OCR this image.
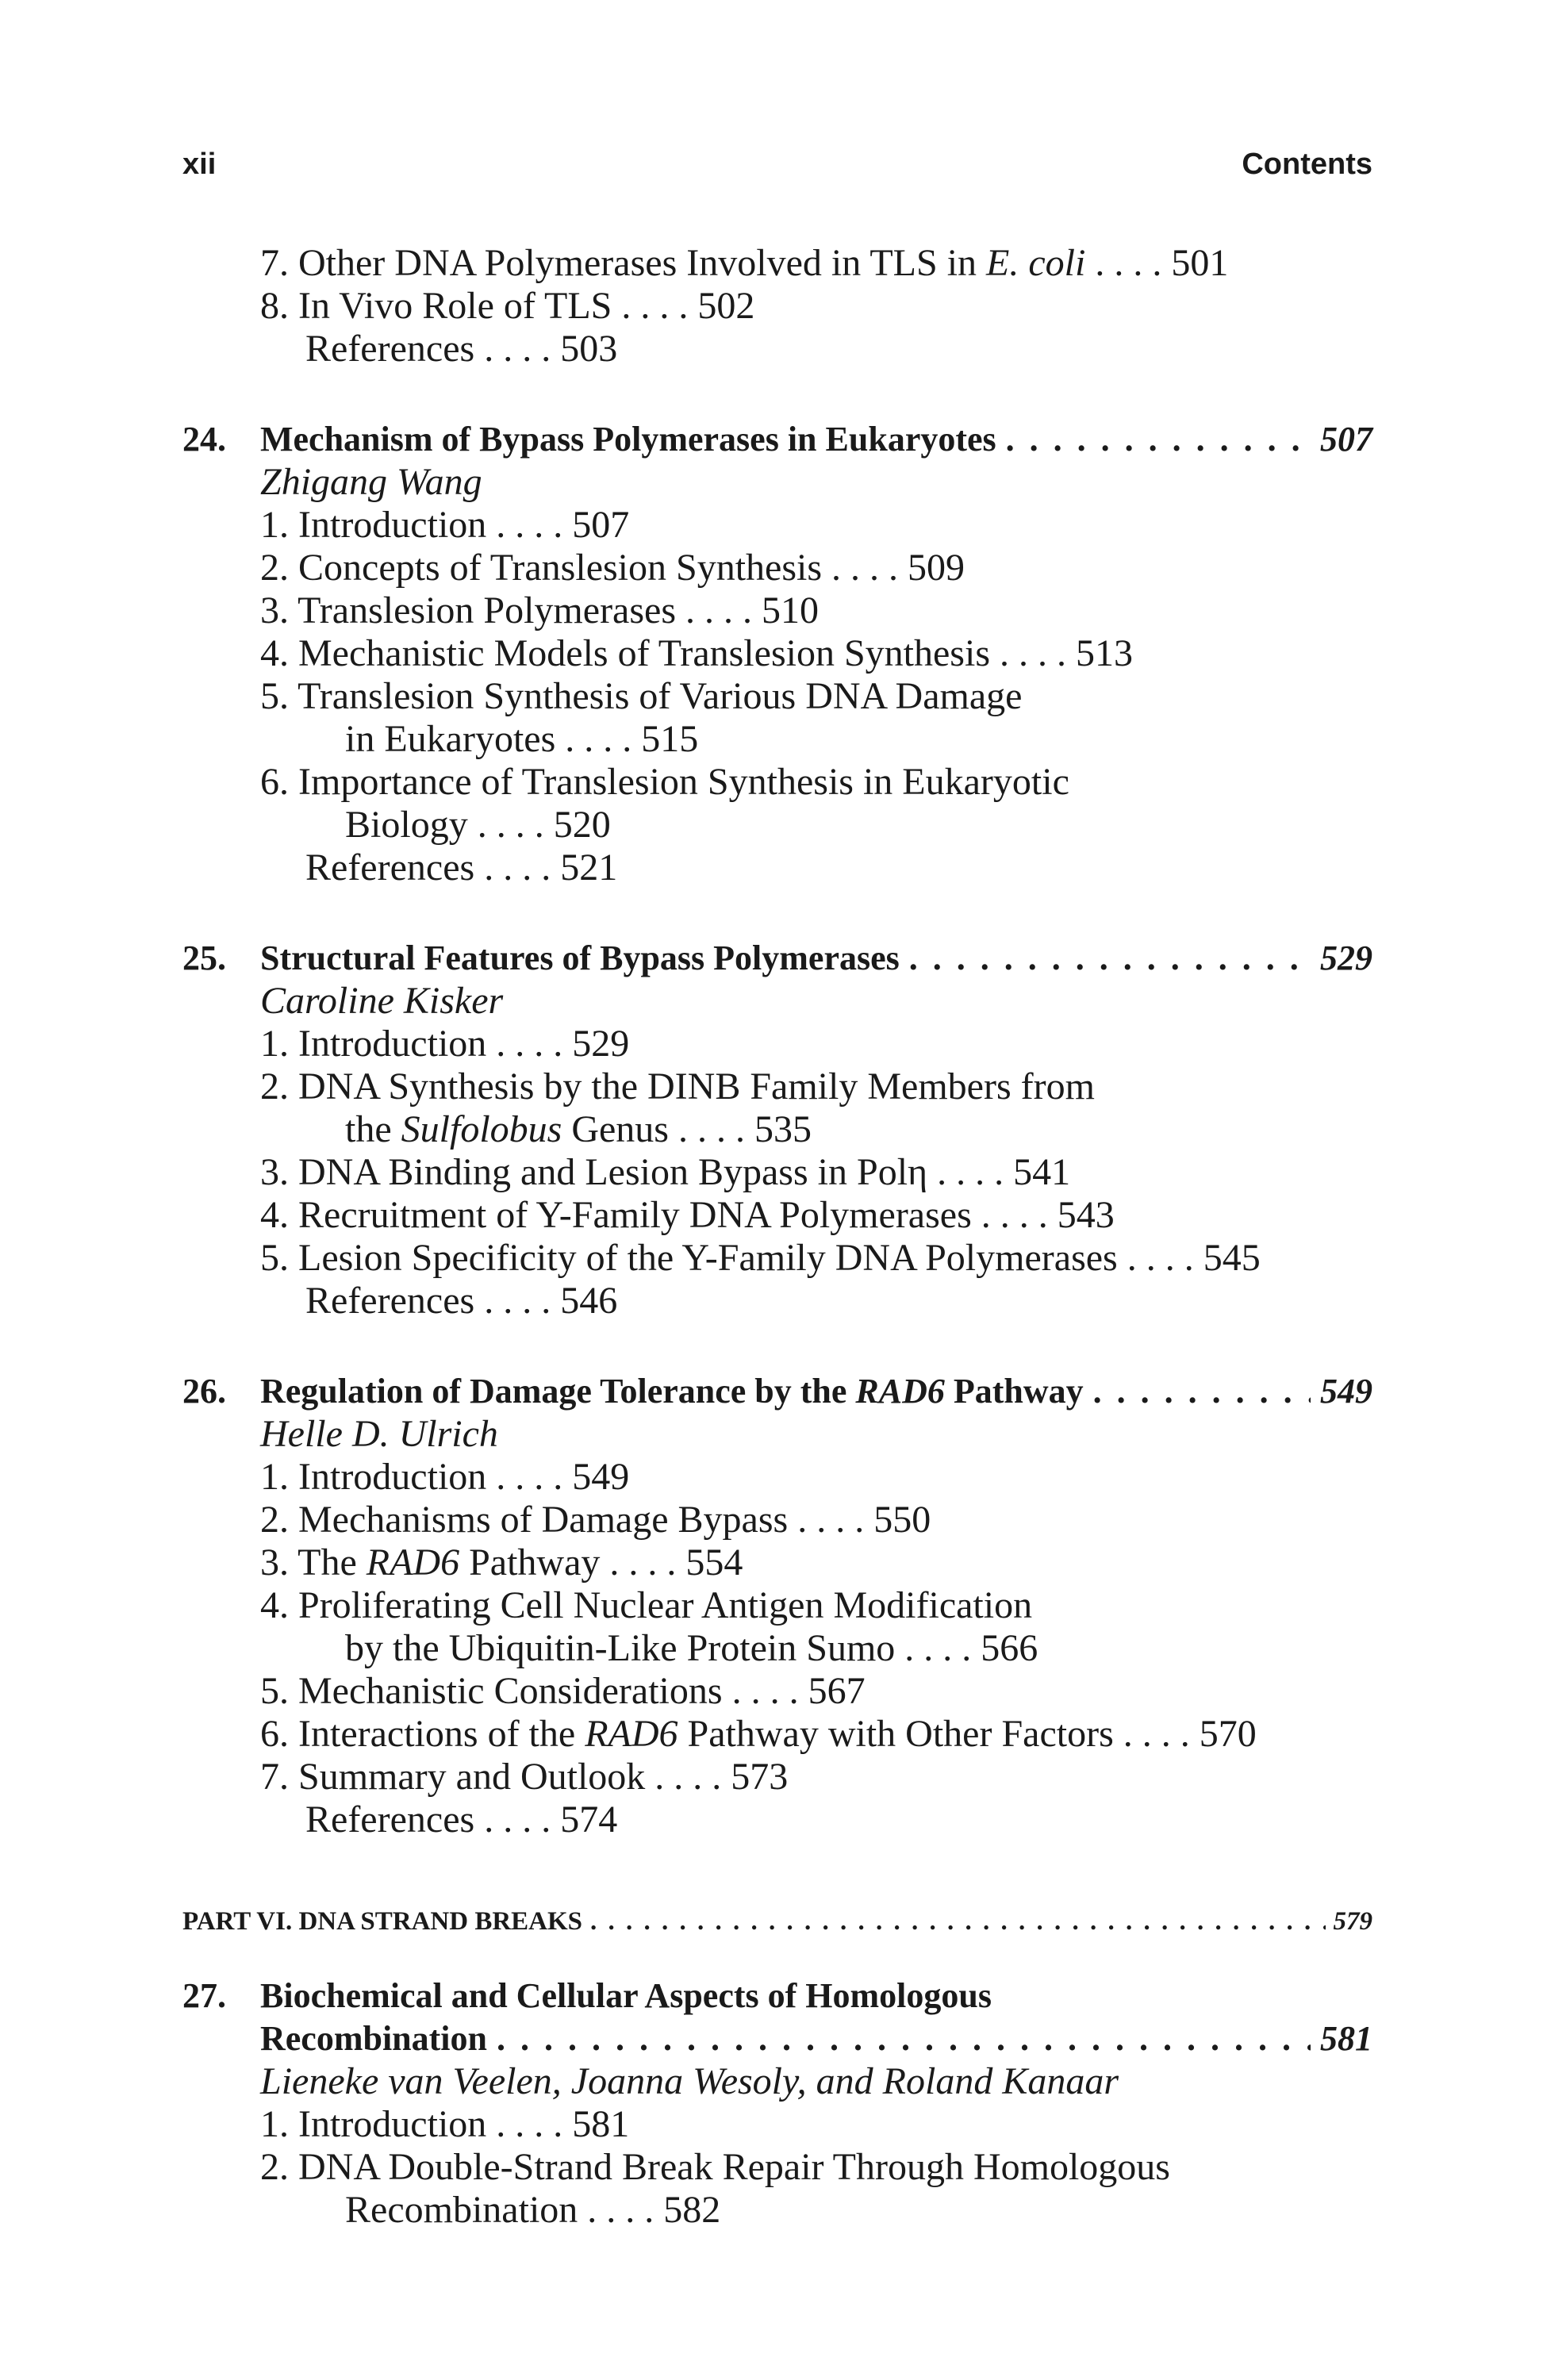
xii	Contents
7. Other DNA Polymerases Involved in TLS in E. coli . . . . 501
8. In Vivo Role of TLS . . . . 502
References . . . . 503
24. Mechanism of Bypass Polymerases in Eukaryotes . . .	507
Zhigang Wang
1. Introduction . . . . 507
2. Concepts of Translesion Synthesis . . . . 509
3. Translesion Polymerases . . . . 510
4. Mechanistic Models of Translesion Synthesis . . . . 513
5. Translesion Synthesis of Various DNA Damage
in Eukaryotes . . . . 515
6. Importance of Translesion Synthesis in Eukaryotic
Biology . . . . 520
References . . . . 521
25. Structural Features of Bypass Polymerases . . .	529
Caroline Kisker
1. Introduction . . . . 529
2. DNA Synthesis by the DINB Family Members from
the Sulfolobus Genus . . . . 535
3. DNA Binding and Lesion Bypass in Polη . . . . 541
4. Recruitment of Y-Family DNA Polymerases . . . . 543
5. Lesion Specificity of the Y-Family DNA Polymerases . . . . 545
References . . . . 546
26. Regulation of Damage Tolerance by the RAD6 Pathway . . .	549
Helle D. Ulrich
1. Introduction . . . . 549
2. Mechanisms of Damage Bypass . . . . 550
3. The RAD6 Pathway . . . . 554
4. Proliferating Cell Nuclear Antigen Modification
by the Ubiquitin-Like Protein Sumo . . . . 566
5. Mechanistic Considerations . . . . 567
6. Interactions of the RAD6 Pathway with Other Factors . . . . 570
7. Summary and Outlook . . . . 573
References . . . . 574
PART VI. DNA STRAND BREAKS . . .	579
27. Biochemical and Cellular Aspects of Homologous
Recombination . . .	581
Lieneke van Veelen, Joanna Wesoly, and Roland Kanaar
1. Introduction . . . . 581
2. DNA Double-Strand Break Repair Through Homologous
Recombination . . . . 582
